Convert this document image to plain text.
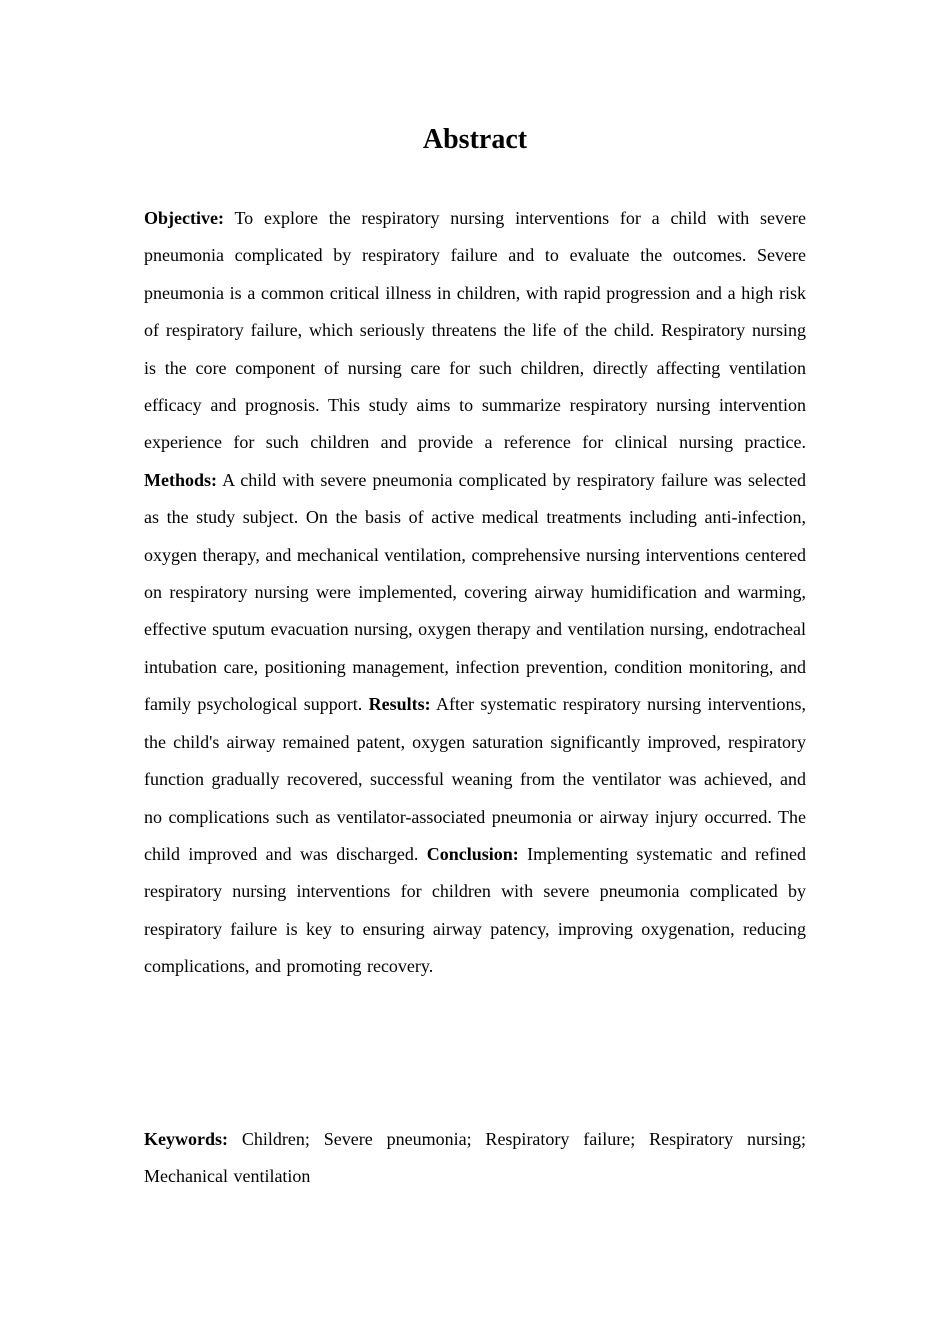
Abstract

Objective: To explore the respiratory nursing interventions for a child with severe pneumonia complicated by respiratory failure and to evaluate the outcomes. Severe pneumonia is a common critical illness in children, with rapid progression and a high risk of respiratory failure, which seriously threatens the life of the child. Respiratory nursing is the core component of nursing care for such children, directly affecting ventilation efficacy and prognosis. This study aims to summarize respiratory nursing intervention experience for such children and provide a reference for clinical nursing practice. Methods: A child with severe pneumonia complicated by respiratory failure was selected as the study subject. On the basis of active medical treatments including anti-infection, oxygen therapy, and mechanical ventilation, comprehensive nursing interventions centered on respiratory nursing were implemented, covering airway humidification and warming, effective sputum evacuation nursing, oxygen therapy and ventilation nursing, endotracheal intubation care, positioning management, infection prevention, condition monitoring, and family psychological support. Results: After systematic respiratory nursing interventions, the child's airway remained patent, oxygen saturation significantly improved, respiratory function gradually recovered, successful weaning from the ventilator was achieved, and no complications such as ventilator-associated pneumonia or airway injury occurred. The child improved and was discharged. Conclusion: Implementing systematic and refined respiratory nursing interventions for children with severe pneumonia complicated by respiratory failure is key to ensuring airway patency, improving oxygenation, reducing complications, and promoting recovery.

Keywords: Children; Severe pneumonia; Respiratory failure; Respiratory nursing; Mechanical ventilation
